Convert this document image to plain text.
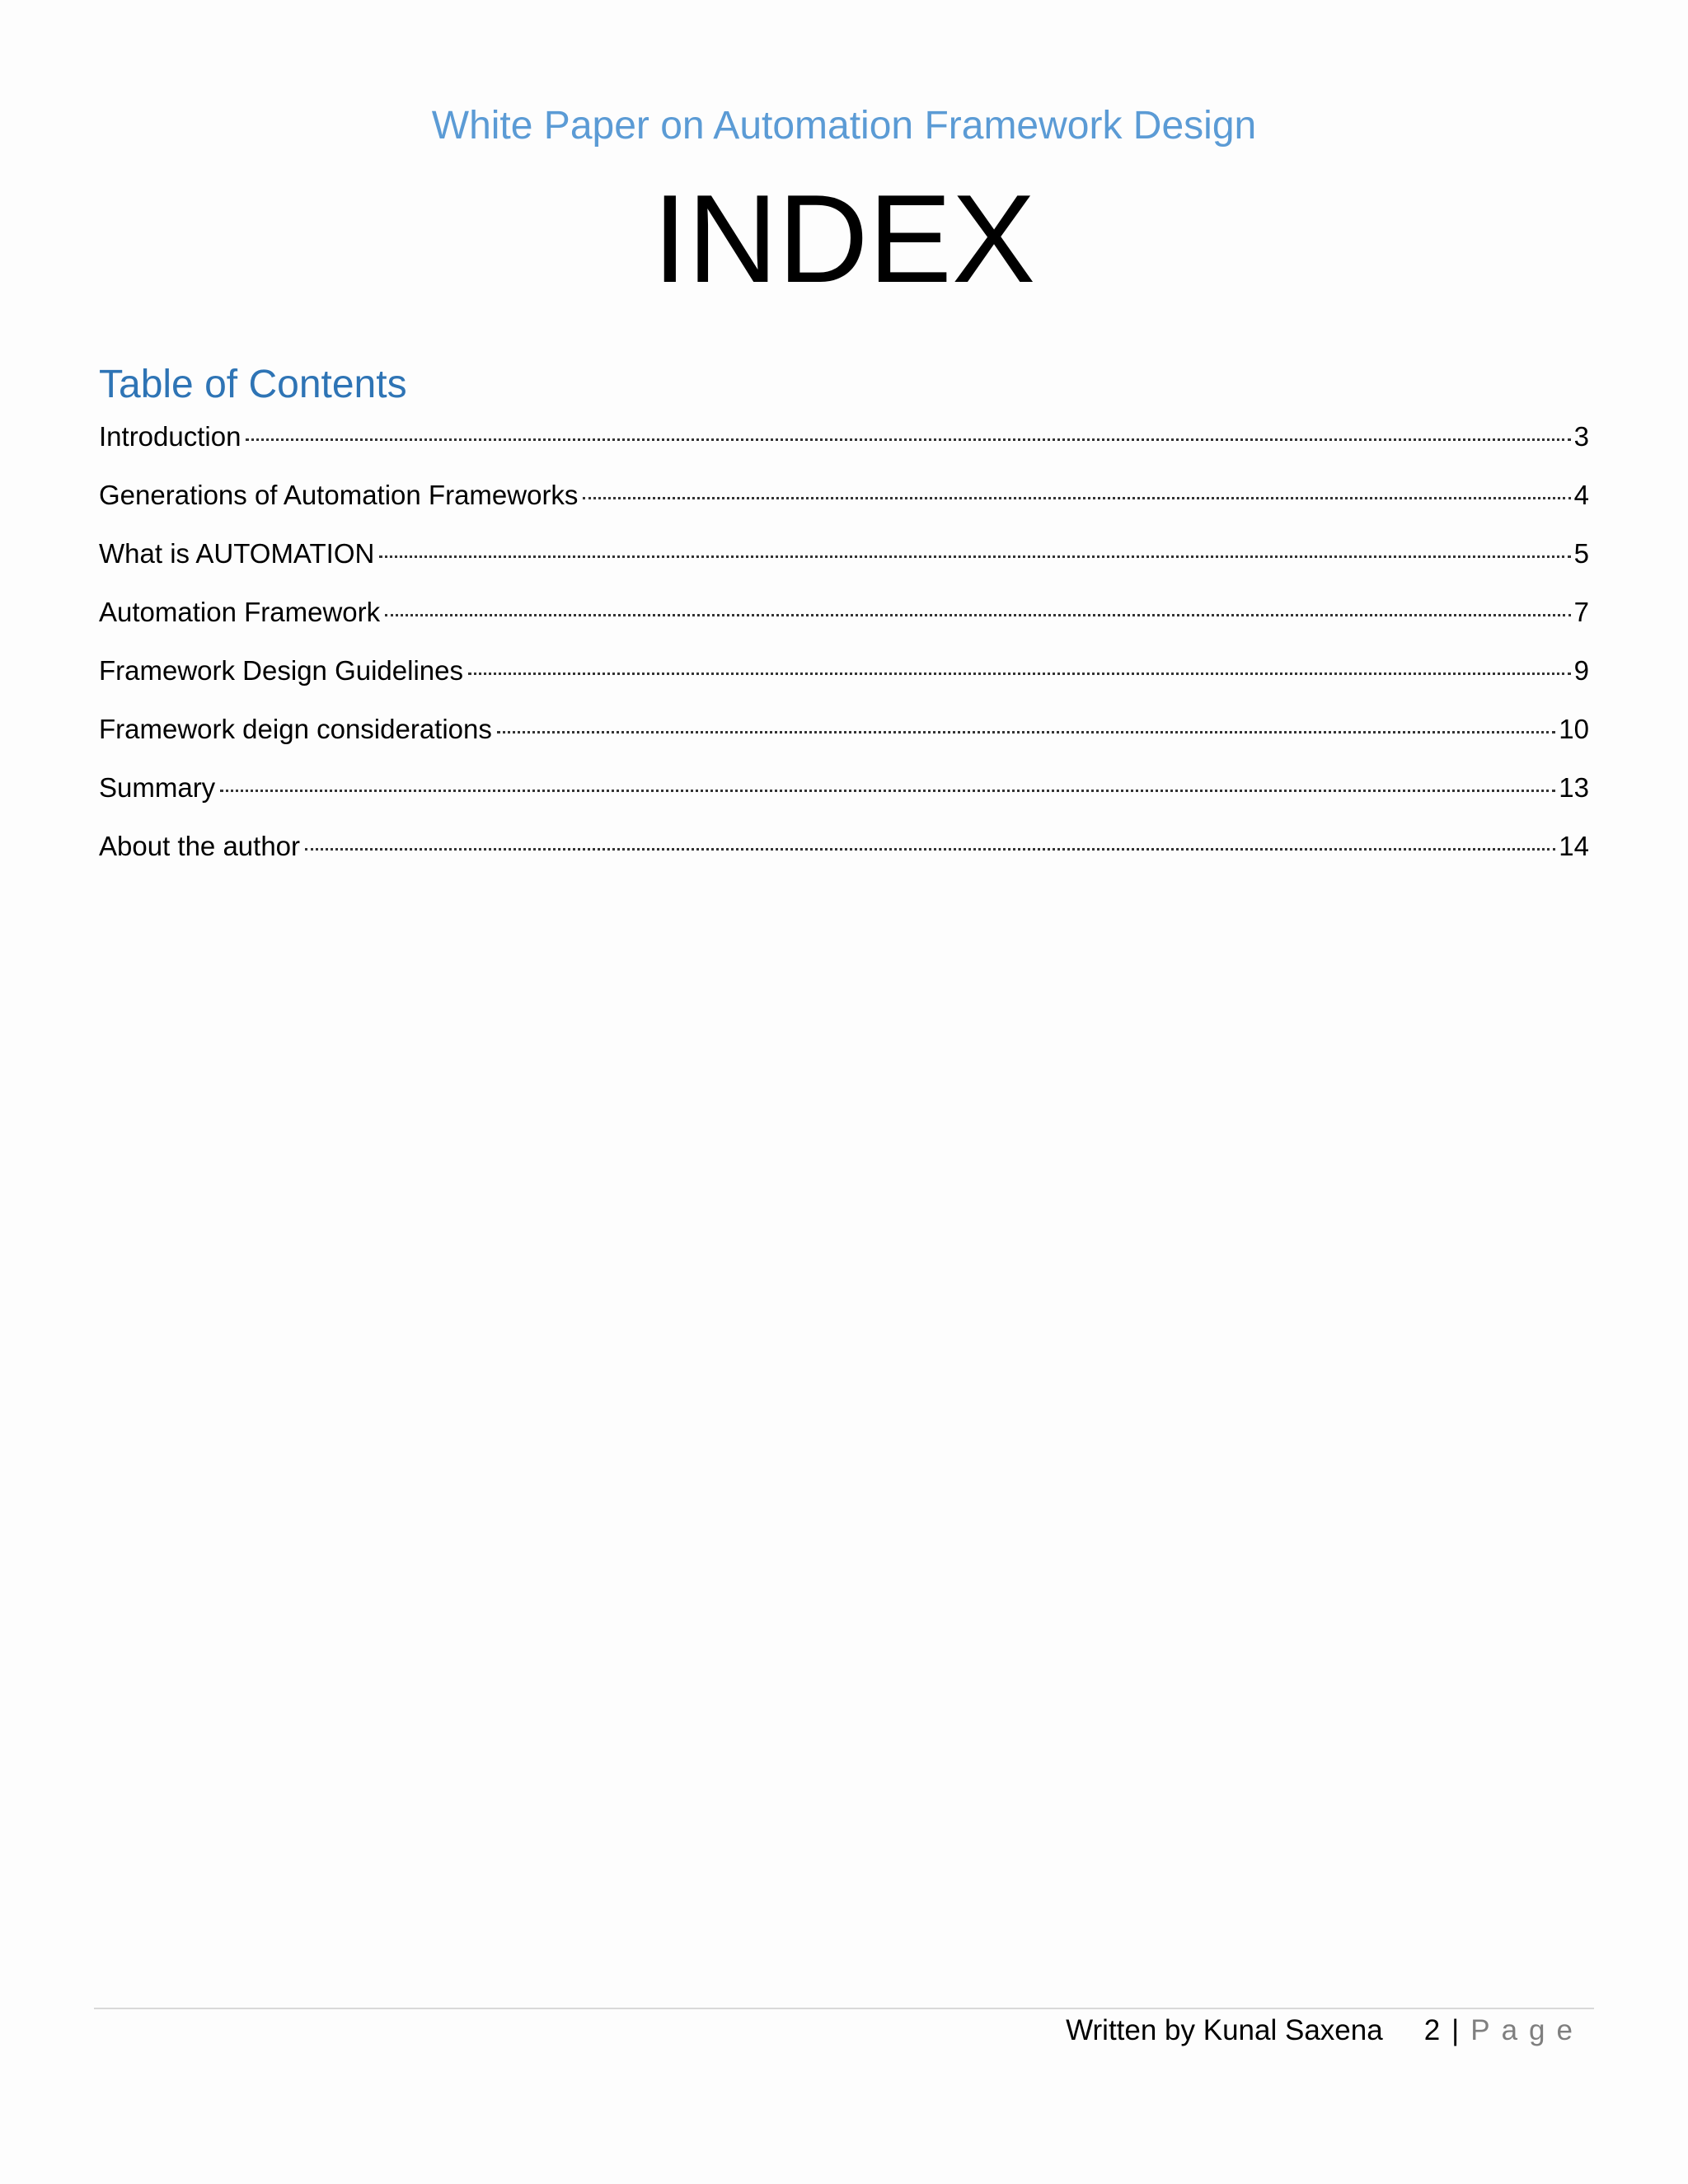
White Paper on Automation Framework Design
INDEX
Table of Contents
Introduction	3
Generations of Automation Frameworks	4
What is AUTOMATION	5
Automation Framework	7
Framework Design Guidelines	9
Framework deign considerations	10
Summary	13
About the author	14
Written by Kunal Saxena 2 | Page
